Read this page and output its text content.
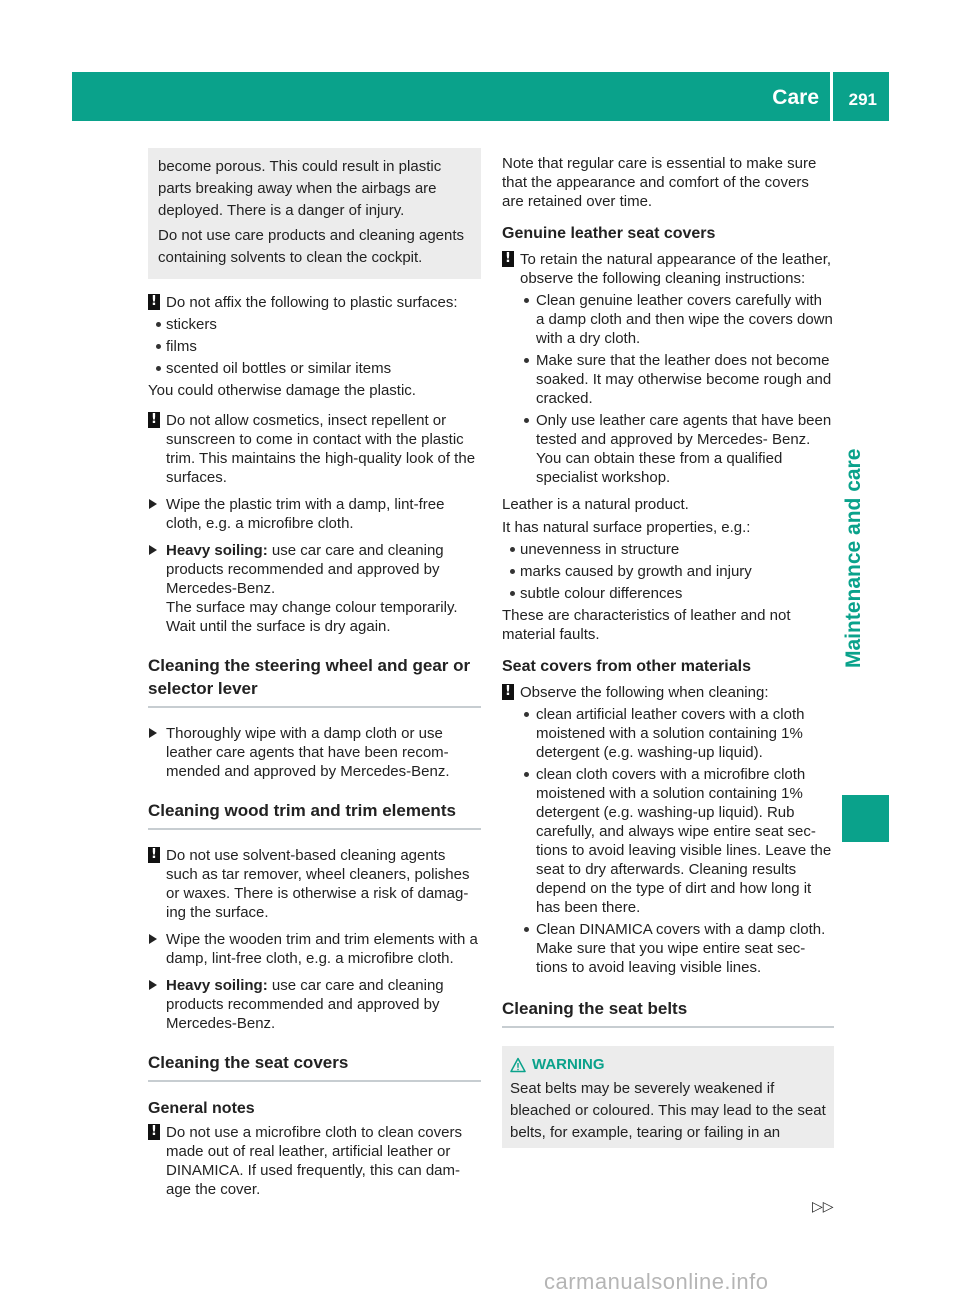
Care 291
Maintenance and care

become porous. This could result in plastic parts breaking away when the airbags are deployed. There is a danger of injury.

Do not use care products and cleaning agents containing solvents to clean the cockpit.

! Do not affix the following to plastic surfaces:
stickers
films
scented oil bottles or similar items

You could otherwise damage the plastic.

! Do not allow cosmetics, insect repellent or sunscreen to come in contact with the plastic trim. This maintains the high-quality look of the surfaces.
Wipe the plastic trim with a damp, lint-free cloth, e.g. a microfibre cloth.
Heavy soiling: use car care and cleaning products recommended and approved by Mercedes-Benz.
The surface may change colour temporarily.
Wait until the surface is dry again.
Cleaning the steering wheel and gear or selector lever
Thoroughly wipe with a damp cloth or use leather care agents that have been recom- mended and approved by Mercedes-Benz.
Cleaning wood trim and trim elements
! Do not use solvent-based cleaning agents such as tar remover, wheel cleaners, polishes or waxes. There is otherwise a risk of damag- ing the surface.
Wipe the wooden trim and trim elements with a damp, lint-free cloth, e.g. a microfibre cloth.
Heavy soiling: use car care and cleaning products recommended and approved by Mercedes-Benz.
Cleaning the seat covers
General notes
! Do not use a microfibre cloth to clean covers made out of real leather, artificial leather or DINAMICA. If used frequently, this can dam- age the cover.

Note that regular care is essential to make sure that the appearance and comfort of the covers are retained over time.

Genuine leather seat covers
! To retain the natural appearance of the leather, observe the following cleaning instructions:
Clean genuine leather covers carefully with a damp cloth and then wipe the covers down with a dry cloth.
Make sure that the leather does not become soaked. It may otherwise become rough and cracked.
Only use leather care agents that have been tested and approved by Mercedes- Benz. You can obtain these from a qualified specialist workshop.

Leather is a natural product.

It has natural surface properties, e.g.:

unevenness in structure
marks caused by growth and injury
subtle colour differences

These are characteristics of leather and not material faults.

Seat covers from other materials
! Observe the following when cleaning:
clean artificial leather covers with a cloth moistened with a solution containing 1% detergent (e.g. washing-up liquid).
clean cloth covers with a microfibre cloth moistened with a solution containing 1% detergent (e.g. washing-up liquid). Rub carefully, and always wipe entire seat sec- tions to avoid leaving visible lines. Leave the seat to dry afterwards. Cleaning results depend on the type of dirt and how long it has been there.
Clean DINAMICA covers with a damp cloth. Make sure that you wipe entire seat sec- tions to avoid leaving visible lines.
Cleaning the seat belts
WARNING

Seat belts may be severely weakened if bleached or coloured. This may lead to the seat belts, for example, tearing or failing in an

▷▷
carmanualsonline.info
